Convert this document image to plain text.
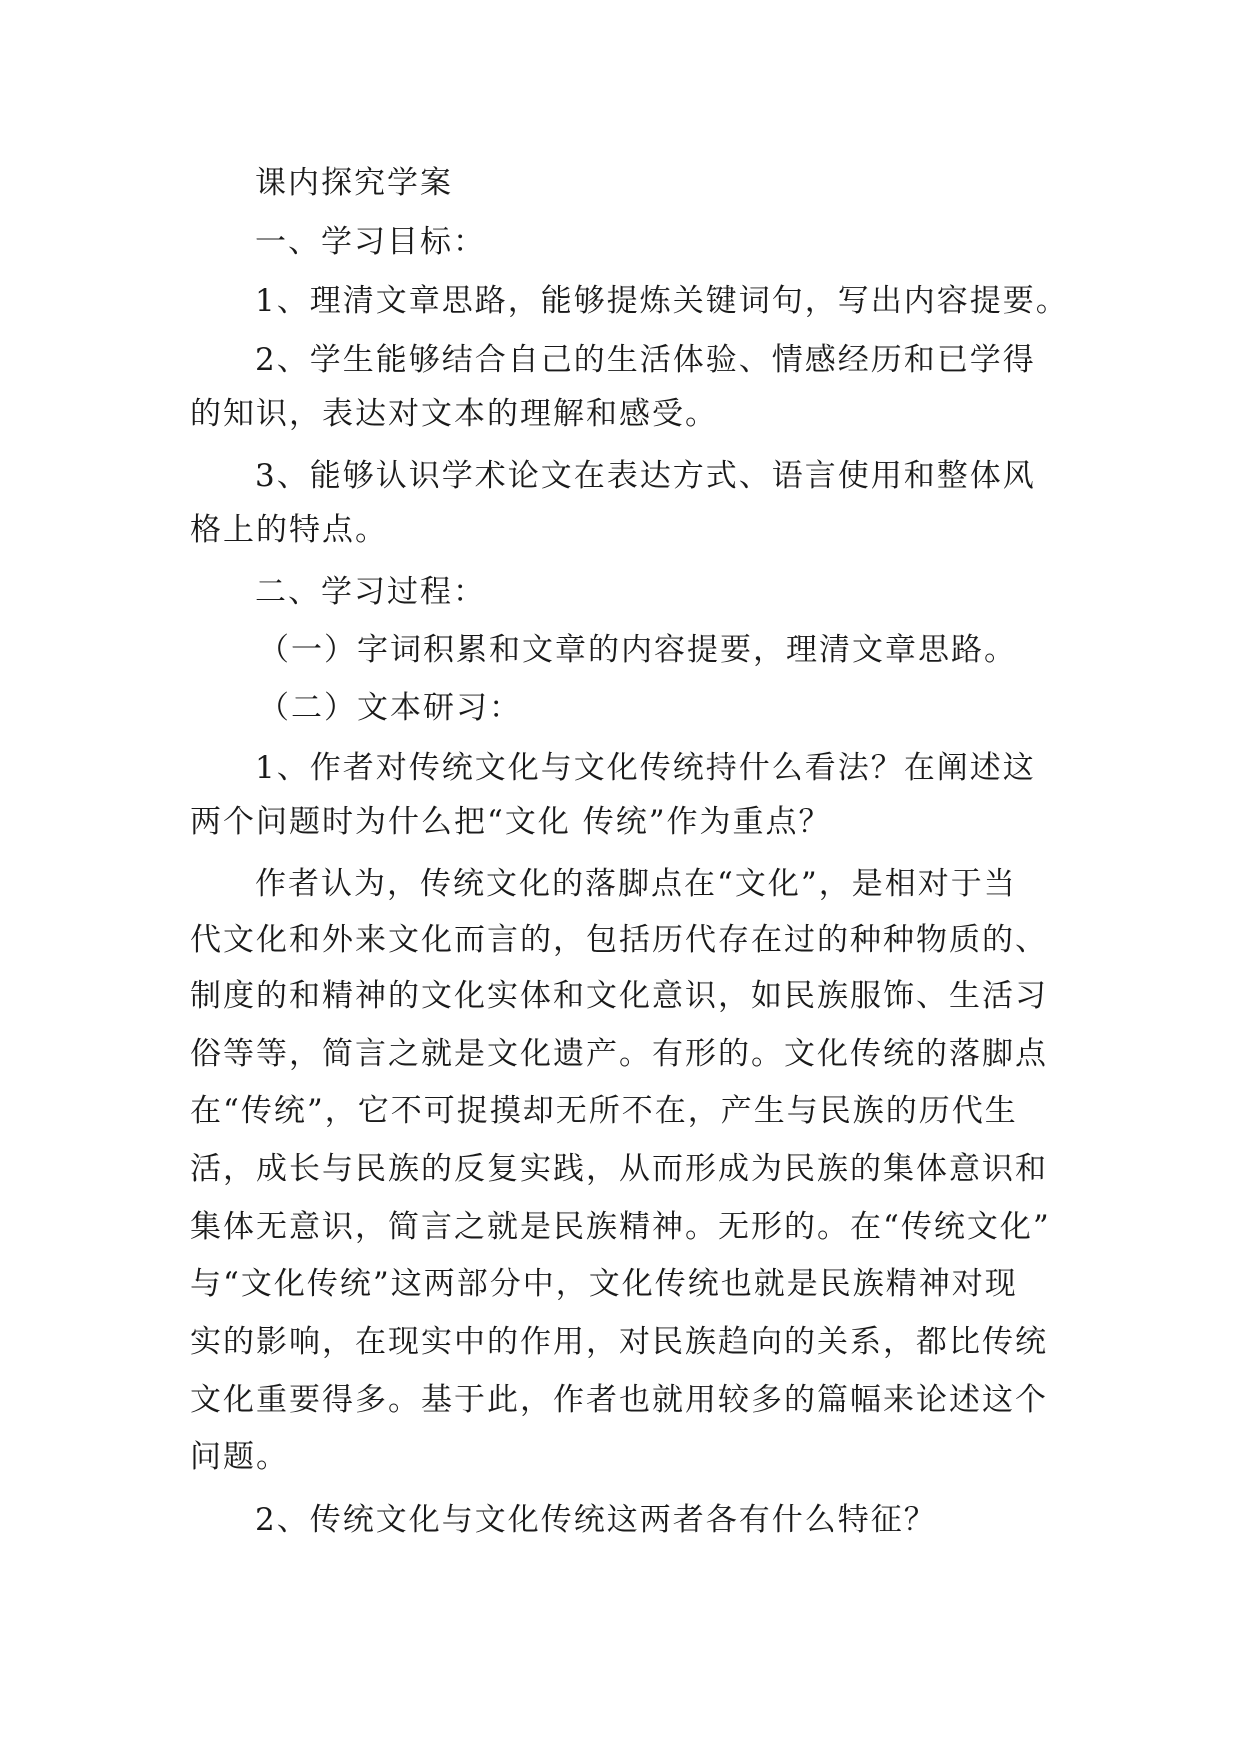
课内探究学案
一、学习目标：
1、理清文章思路，能够提炼关键词句，写出内容提要。
2、学生能够结合自己的生活体验、情感经历和已学得
的知识，表达对文本的理解和感受。
3、能够认识学术论文在表达方式、语言使用和整体风
格上的特点。
二、学习过程：
（一）字词积累和文章的内容提要，理清文章思路。
（二）文本研习：
1、作者对传统文化与文化传统持什么看法？在阐述这
两个问题时为什么把“文化 传统”作为重点？
作者认为，传统文化的落脚点在“文化”，是相对于当
代文化和外来文化而言的，包括历代存在过的种种物质的、
制度的和精神的文化实体和文化意识，如民族服饰、生活习
俗等等，简言之就是文化遗产。有形的。文化传统的落脚点
在“传统”，它不可捉摸却无所不在，产生与民族的历代生
活，成长与民族的反复实践，从而形成为民族的集体意识和
集体无意识，简言之就是民族精神。无形的。在“传统文化”
与“文化传统”这两部分中，文化传统也就是民族精神对现
实的影响，在现实中的作用，对民族趋向的关系，都比传统
文化重要得多。基于此，作者也就用较多的篇幅来论述这个
问题。
2、传统文化与文化传统这两者各有什么特征？
